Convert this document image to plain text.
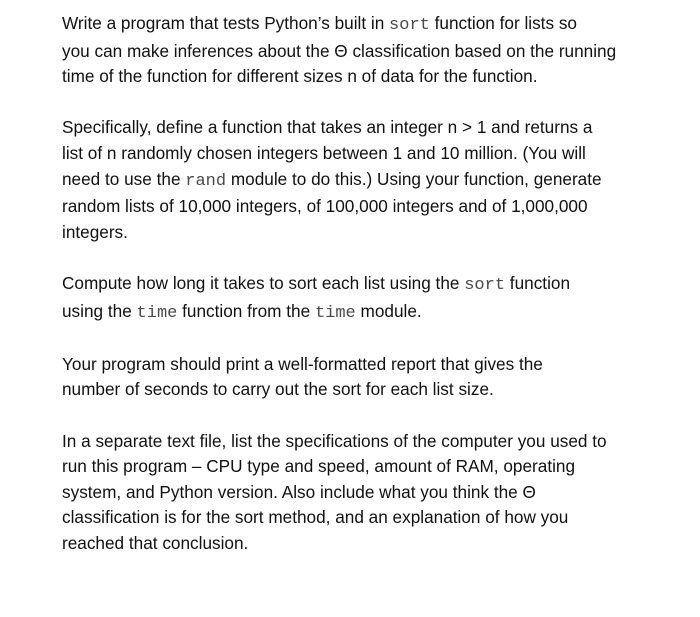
Write a program that tests Python’s built in sort function for lists so
you can make inferences about the Θ classification based on the running
time of the function for different sizes n of data for the function.

Specifically, define a function that takes an integer n > 1 and returns a
list of n randomly chosen integers between 1 and 10 million. (You will
need to use the rand module to do this.) Using your function, generate
random lists of 10,000 integers, of 100,000 integers and of 1,000,000
integers.

Compute how long it takes to sort each list using the sort function
using the time function from the time module.

Your program should print a well-formatted report that gives the
number of seconds to carry out the sort for each list size.

In a separate text file, list the specifications of the computer you used to
run this program – CPU type and speed, amount of RAM, operating
system, and Python version. Also include what you think the Θ
classification is for the sort method, and an explanation of how you
reached that conclusion.
